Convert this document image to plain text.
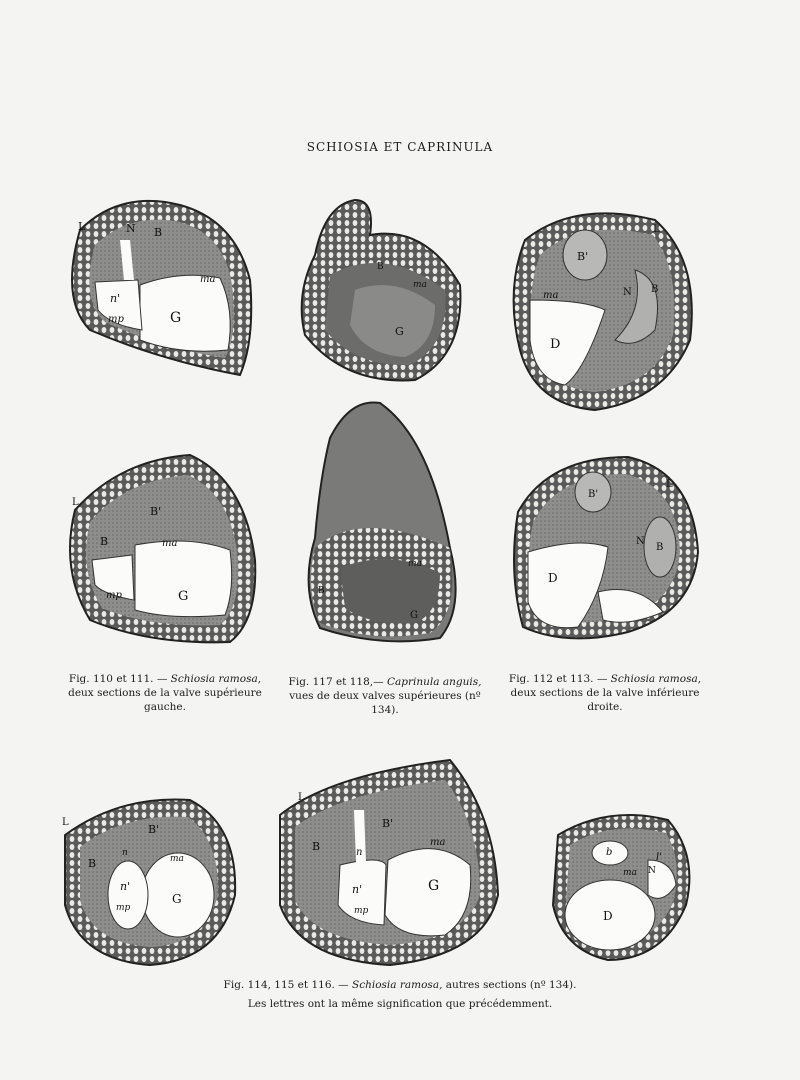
SCHIOSIA ET CAPRINULA
L	N B
ma
n'
mp	G
B
ma
G
L
B'
N B
ma
D
L
B'
B	ma
mp	G	B
ma
G
L
B'
N
B
D
Fig. 110 et 111. — Schiosia ramosa, deux sections de la valve supérieure gauche.
Fig. 117 et 118,— Caprinula anguis, vues de deux valves supérieures (nº 134).
Fig. 112 et 113. — Schiosia ramosa, deux sections de la valve inférieure droite.
L
B'
B
n
ma
n'
mp
G
L
B
B'
n
ma
n'
mp
G
b	l'
ma N
D
Fig. 114, 115 et 116. — Schiosia ramosa, autres sections (nº 134).
Les lettres ont la même signification que précédemment.
